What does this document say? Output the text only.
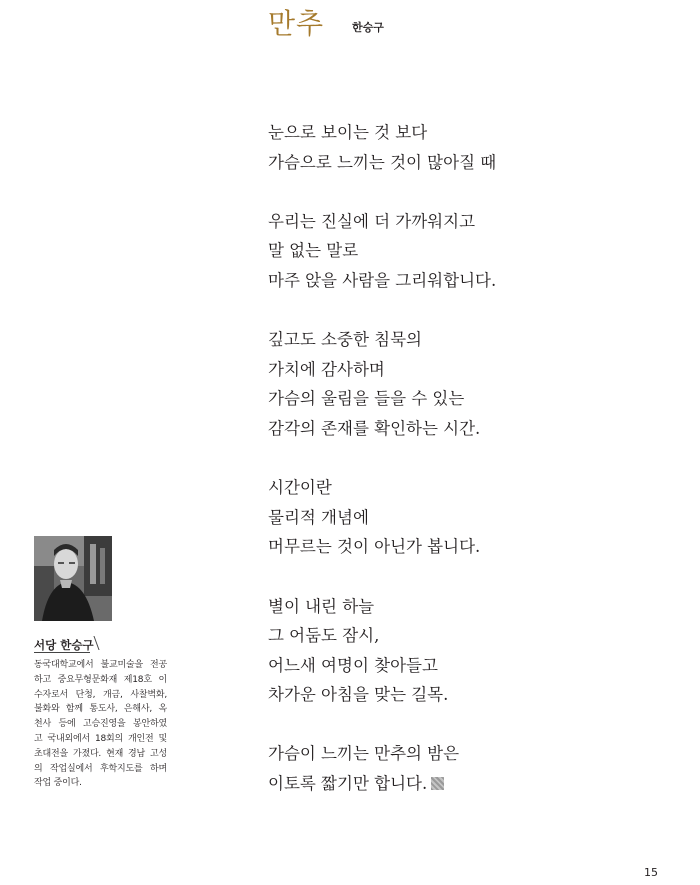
만추	한승구
눈으로 보이는 것 보다
가슴으로 느끼는 것이 많아질 때
우리는 진실에 더 가까워지고
말 없는 말로
마주 앉을 사람을 그리워합니다.
깊고도 소중한 침묵의
가치에 감사하며
가슴의 울림을 들을 수 있는
감각의 존재를 확인하는 시간.
시간이란
물리적 개념에
머무르는 것이 아닌가 봅니다.
별이 내린 하늘
그 어둠도 잠시,
어느새 여명이 찾아들고
차가운 아침을 맞는 길목.
가슴이 느끼는 만추의 밤은
이토록 짧기만 합니다.
서당 한승구
동국대학교에서 불교미술을 전공
하고 중요무형문화재 제18호 이
수자로서 단청, 개금, 사찰벽화,
불화와 함께 통도사, 은해사, 옥
천사 등에 고승진영을 봉안하였
고 국내외에서 18회의 개인전 및
초대전을 가졌다. 현재 경남 고성
의 작업실에서 후학지도를 하며
작업 중이다.
15
